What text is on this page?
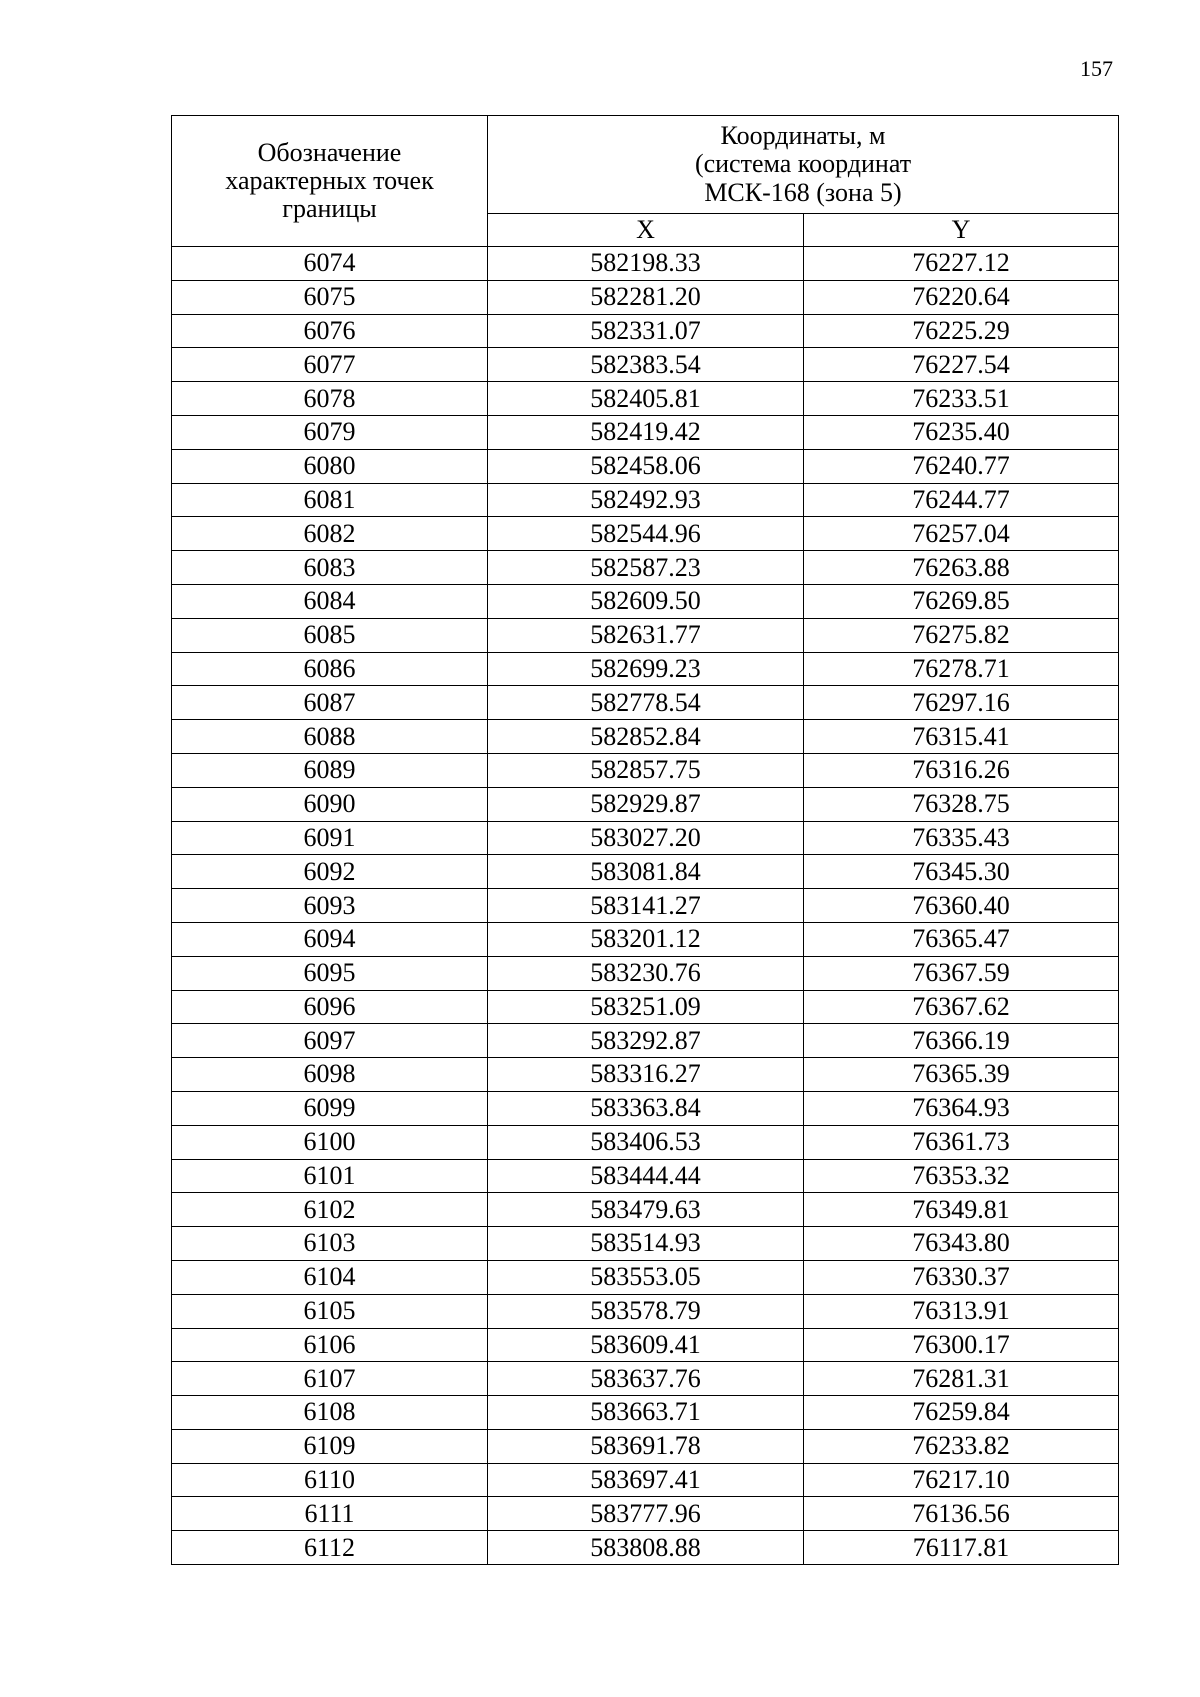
157
Обозначение характерных точек границы	Координаты, м
(система координат
МСК-168 (зона 5)	

	X	Y
6074	582198.33	76227.12
6075	582281.20	76220.64
6076	582331.07	76225.29
6077	582383.54	76227.54
6078	582405.81	76233.51
6079	582419.42	76235.40
6080	582458.06	76240.77
6081	582492.93	76244.77
6082	582544.96	76257.04
6083	582587.23	76263.88
6084	582609.50	76269.85
6085	582631.77	76275.82
6086	582699.23	76278.71
6087	582778.54	76297.16
6088	582852.84	76315.41
6089	582857.75	76316.26
6090	582929.87	76328.75
6091	583027.20	76335.43
6092	583081.84	76345.30
6093	583141.27	76360.40
6094	583201.12	76365.47
6095	583230.76	76367.59
6096	583251.09	76367.62
6097	583292.87	76366.19
6098	583316.27	76365.39
6099	583363.84	76364.93
6100	583406.53	76361.73
6101	583444.44	76353.32
6102	583479.63	76349.81
6103	583514.93	76343.80
6104	583553.05	76330.37
6105	583578.79	76313.91
6106	583609.41	76300.17
6107	583637.76	76281.31
6108	583663.71	76259.84
6109	583691.78	76233.82
6110	583697.41	76217.10
6111	583777.96	76136.56
6112	583808.88	76117.81
